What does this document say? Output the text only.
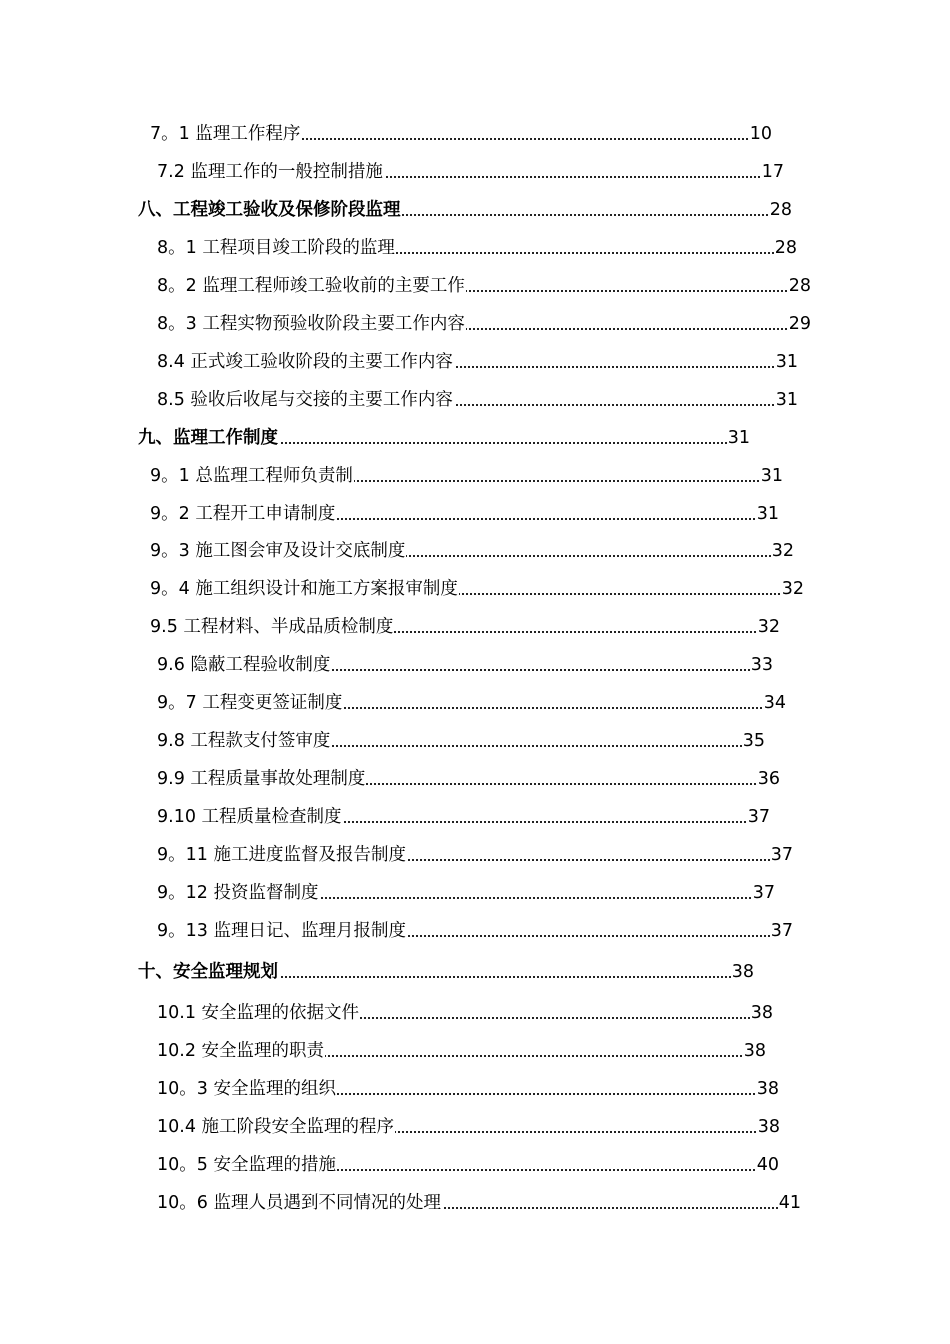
7。1 监理工作程序	10
7.2 监理工作的一般控制措施	17
八、工程竣工验收及保修阶段监理	28
8。1 工程项目竣工阶段的监理	28
8。2 监理工程师竣工验收前的主要工作	28
8。3 工程实物预验收阶段主要工作内容	29
8.4 正式竣工验收阶段的主要工作内容	31
8.5 验收后收尾与交接的主要工作内容	31
九、监理工作制度	31
9。1 总监理工程师负责制	31
9。2 工程开工申请制度	31
9。3 施工图会审及设计交底制度	32
9。4 施工组织设计和施工方案报审制度	32
9.5 工程材料、半成品质检制度	32
9.6 隐蔽工程验收制度	33
9。7 工程变更签证制度	34
9.8 工程款支付签审度	35
9.9 工程质量事故处理制度	36
9.10 工程质量检查制度	37
9。11 施工进度监督及报告制度	37
9。12 投资监督制度	37
9。13 监理日记、监理月报制度	37
十、安全监理规划	38
10.1 安全监理的依据文件	38
10.2 安全监理的职责	38
10。3 安全监理的组织	38
10.4 施工阶段安全监理的程序	38
10。5 安全监理的措施	40
10。6 监理人员遇到不同情况的处理	41
